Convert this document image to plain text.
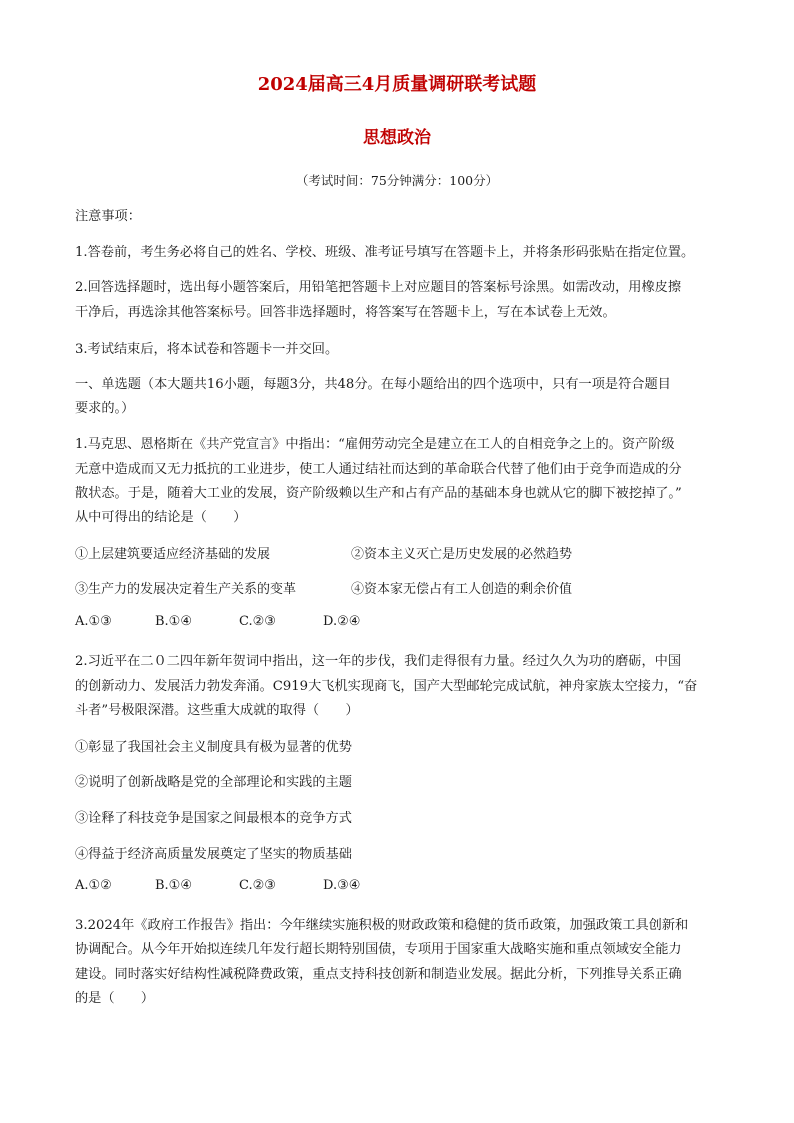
2024届高三4月质量调研联考试题
思想政治
（考试时间：75分钟满分：100分）
注意事项：
1.答卷前，考生务必将自己的姓名、学校、班级、准考证号填写在答题卡上，并将条形码张贴在指定位置。
2.回答选择题时，选出每小题答案后，用铅笔把答题卡上对应题目的答案标号涂黑。如需改动，用橡皮擦
干净后，再选涂其他答案标号。回答非选择题时，将答案写在答题卡上，写在本试卷上无效。
3.考试结束后，将本试卷和答题卡一并交回。
一、单选题（本大题共16小题，每题3分，共48分。在每小题给出的四个选项中，只有一项是符合题目
要求的。）
1.马克思、恩格斯在《共产党宣言》中指出：“雇佣劳动完全是建立在工人的自相竞争之上的。资产阶级
无意中造成而又无力抵抗的工业进步，使工人通过结社而达到的革命联合代替了他们由于竞争而造成的分
散状态。于是，随着大工业的发展，资产阶级赖以生产和占有产品的基础本身也就从它的脚下被挖掉了。”
从中可得出的结论是（　　）
①上层建筑要适应经济基础的发展	②资本主义灭亡是历史发展的必然趋势
③生产力的发展决定着生产关系的变革	④资本家无偿占有工人创造的剩余价值
A.①③	B.①④	C.②③	D.②④
2.习近平在二０二四年新年贺词中指出，这一年的步伐，我们走得很有力量。经过久久为功的磨砺，中国
的创新动力、发展活力勃发奔涌。C919大飞机实现商飞，国产大型邮轮完成试航，神舟家族太空接力，“奋
斗者”号极限深潜。这些重大成就的取得（　　）
①彰显了我国社会主义制度具有极为显著的优势
②说明了创新战略是党的全部理论和实践的主题
③诠释了科技竞争是国家之间最根本的竞争方式
④得益于经济高质量发展奠定了坚实的物质基础
A.①②	B.①④	C.②③	D.③④
3.2024年《政府工作报告》指出：今年继续实施积极的财政政策和稳健的货币政策，加强政策工具创新和
协调配合。从今年开始拟连续几年发行超长期特别国债，专项用于国家重大战略实施和重点领域安全能力
建设。同时落实好结构性减税降费政策，重点支持科技创新和制造业发展。据此分析，下列推导关系正确
的是（　　）
